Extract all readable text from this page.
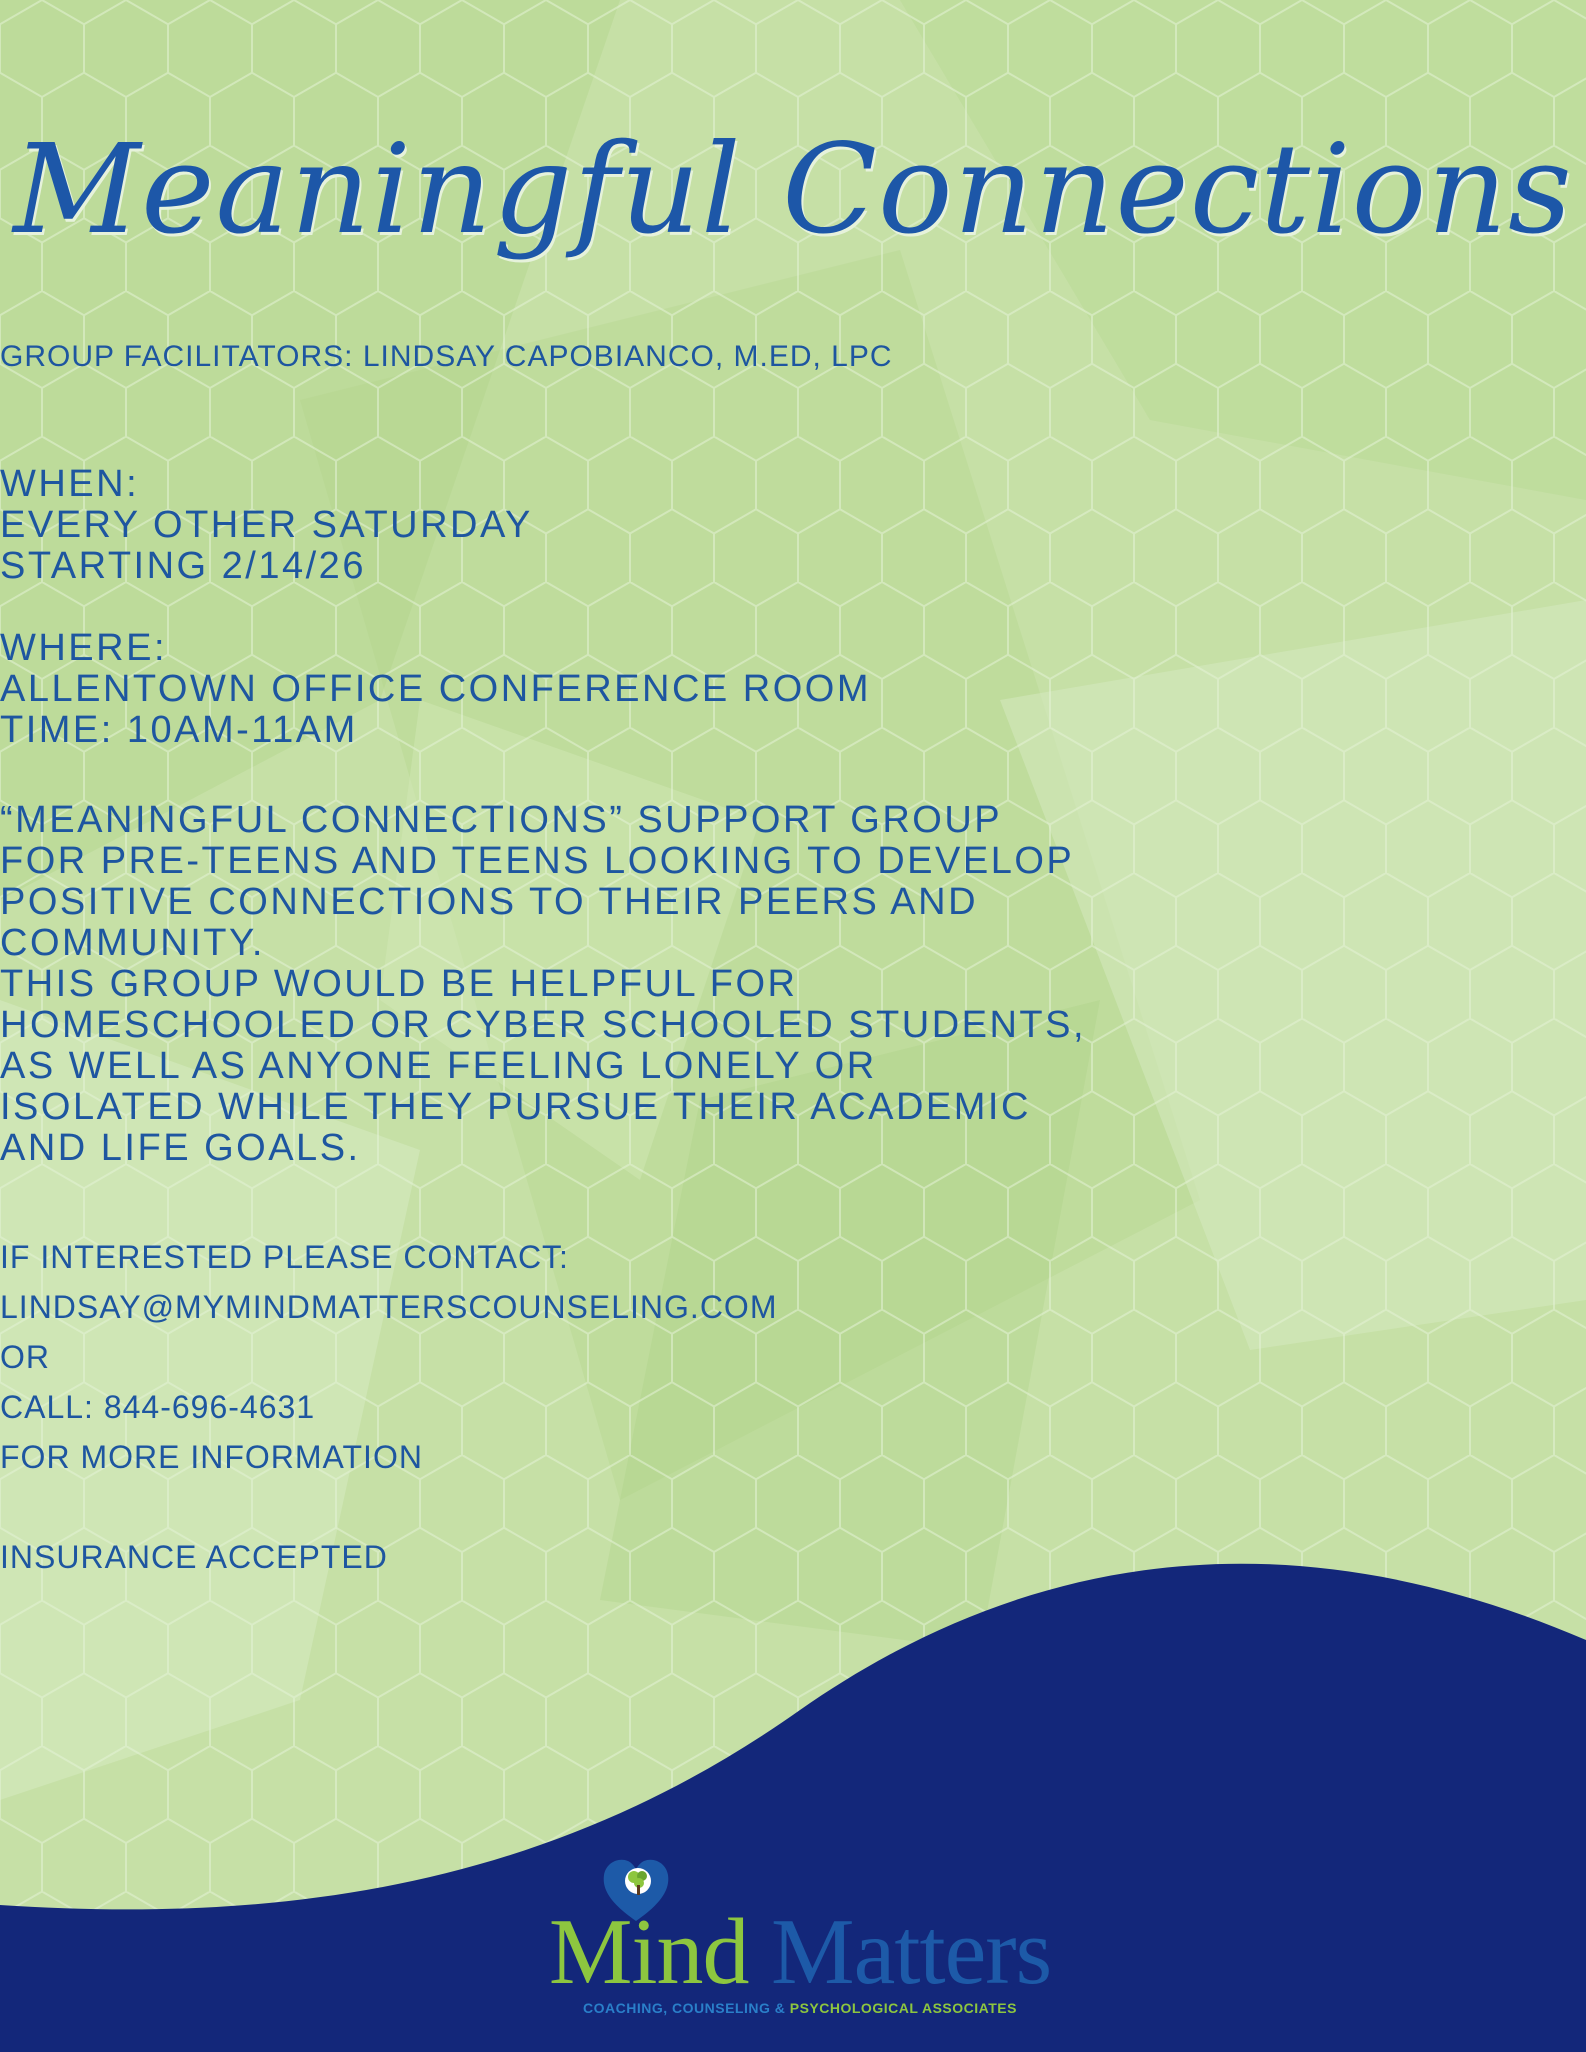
Meaningful Connections
GROUP FACILITATORS: LINDSAY CAPOBIANCO, M.ED, LPC
WHEN:
EVERY OTHER SATURDAY
STARTING 2/14/26
WHERE:
ALLENTOWN OFFICE CONFERENCE ROOM
TIME: 10AM-11AM
“MEANINGFUL CONNECTIONS” SUPPORT GROUP
FOR PRE-TEENS AND TEENS LOOKING TO DEVELOP
POSITIVE CONNECTIONS TO THEIR PEERS AND
COMMUNITY.
THIS GROUP WOULD BE HELPFUL FOR
HOMESCHOOLED OR CYBER SCHOOLED STUDENTS,
AS WELL AS ANYONE FEELING LONELY OR
ISOLATED WHILE THEY PURSUE THEIR ACADEMIC
AND LIFE GOALS.
IF INTERESTED PLEASE CONTACT:
LINDSAY@MYMINDMATTERSCOUNSELING.COM
OR
CALL: 844-696-4631
FOR MORE INFORMATION
INSURANCE ACCEPTED
Mind Matters
COACHING, COUNSELING & PSYCHOLOGICAL ASSOCIATES
